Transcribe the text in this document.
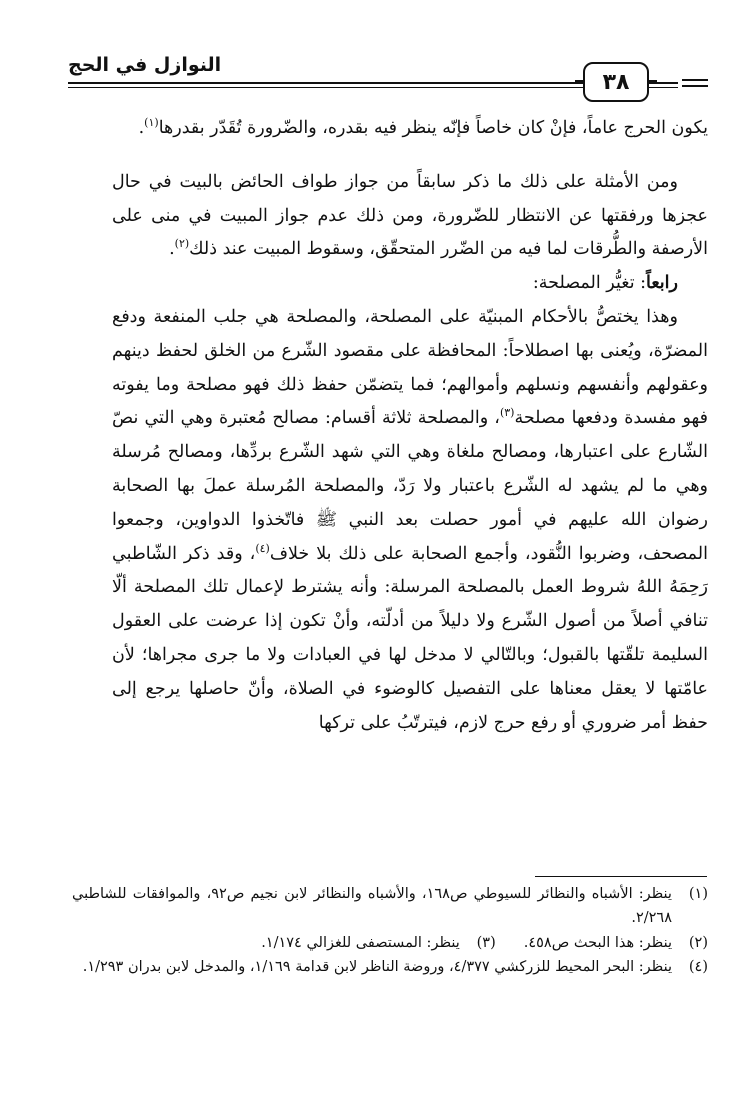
النوازل في الحج
٣٨

يكون الحرج عاماً، فإنْ كان خاصاً فإنّه ينظر فيه بقدره، والضّرورة تُقَدّر بقدرها$^{(١)}$.

ومن الأمثلة على ذلك ما ذكر سابقاً من جواز طواف الحائض بالبيت في حال عجزها ورفقتها عن الانتظار للضّرورة، ومن ذلك عدم جواز المبيت في منى على الأرصفة والطُّرقات لما فيه من الضّرر المتحقّق، وسقوط المبيت عند ذلك$^{(٢)}$.

رابعاً: تغيُّر المصلحة:

وهذا يختصُّ بالأحكام المبنيّة على المصلحة، والمصلحة هي جلب المنفعة ودفع المضرّة، ويُعنى بها اصطلاحاً: المحافظة على مقصود الشّرع من الخلق لحفظ دينهم وعقولهم وأنفسهم ونسلهم وأموالهم؛ فما يتضمّن حفظ ذلك فهو مصلحة وما يفوته فهو مفسدة ودفعها مصلحة$^{(٣)}$، والمصلحة ثلاثة أقسام: مصالح مُعتبرة وهي التي نصّ الشّارع على اعتبارها، ومصالح ملغاة وهي التي شهد الشّرع بردِّها، ومصالح مُرسلة وهي ما لم يشهد له الشّرع باعتبار ولا رَدّ، والمصلحة المُرسلة عملَ بها الصحابة رضوان الله عليهم في أمور حصلت بعد النبي ﷺ فاتّخذوا الدواوين، وجمعوا المصحف، وضربوا النُّقود، وأجمع الصحابة على ذلك بلا خلاف$^{(٤)}$، وقد ذكر الشّاطبي رَحِمَهُ اللهُ شروط العمل بالمصلحة المرسلة: وأنه يشترط لإعمال تلك المصلحة ألّا تنافي أصلاً من أصول الشّرع ولا دليلاً من أدلّته، وأنْ تكون إذا عرضت على العقول السليمة تلقّتها بالقبول؛ وبالتّالي لا مدخل لها في العبادات ولا ما جرى مجراها؛ لأن عامّتها لا يعقل معناها على التفصيل كالوضوء في الصلاة، وأنّ حاصلها يرجع إلى حفظ أمر ضروري أو رفع حرج لازم، فيترتّبُ على تركها

(١)
ينظر: الأشباه والنظائر للسيوطي ص١٦٨، والأشباه والنظائر لابن نجيم ص٩٢، والموافقات للشاطبي ٢/٢٦٨.
(٢)
ينظر: هذا البحث ص٤٥٨.
(٣)
ينظر: المستصفى للغزالي ١/١٧٤.
(٤)
ينظر: البحر المحيط للزركشي ٤/٣٧٧، وروضة الناظر لابن قدامة ١/١٦٩، والمدخل لابن بدران ١/٢٩٣.
